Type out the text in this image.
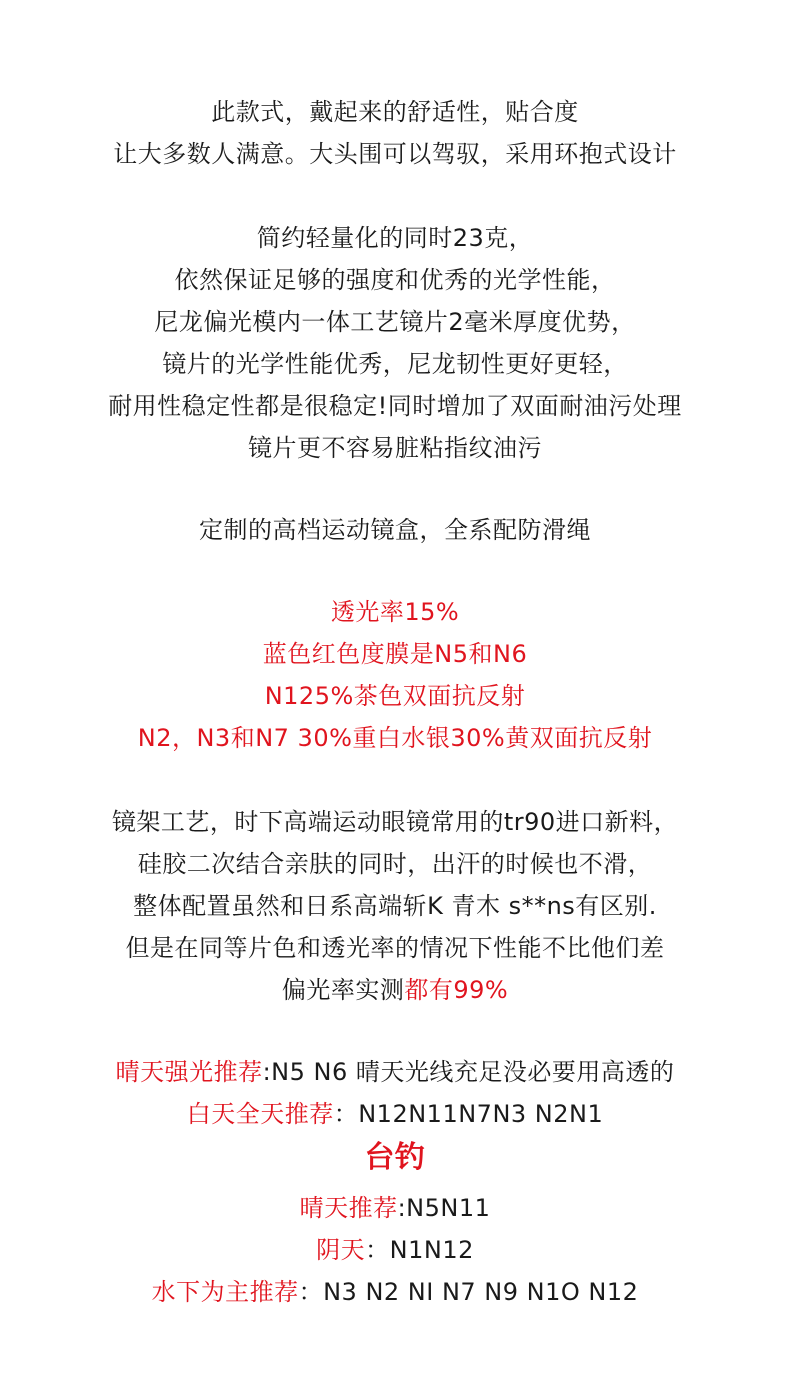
此款式，戴起来的舒适性，贴合度
让大多数人满意。大头围可以驾驭，采用环抱式设计
简约轻量化的同时23克，
依然保证足够的强度和优秀的光学性能，
尼龙偏光模内一体工艺镜片2毫米厚度优势，
镜片的光学性能优秀，尼龙韧性更好更轻，
耐用性稳定性都是很稳定!同时增加了双面耐油污处理
镜片更不容易脏粘指纹油污
定制的高档运动镜盒，全系配防滑绳
透光率15%
蓝色红色度膜是N5和N6
N125%茶色双面抗反射
N2，N3和N7 30%重白水银30%黄双面抗反射
镜架工艺，时下高端运动眼镜常用的tr90进口新料，
硅胶二次结合亲肤的同时，出汗的时候也不滑，
整体配置虽然和日系高端斩K 青木 s**ns有区别.
但是在同等片色和透光率的情况下性能不比他们差
偏光率实测都有99%
晴天强光推荐:N5 N6 晴天光线充足没必要用高透的
白天全天推荐：N12N11N7N3 N2N1
台钓
晴天推荐:N5N11
阴天：N1N12
水下为主推荐：N3 N2 NI N7 N9 N1O N12
